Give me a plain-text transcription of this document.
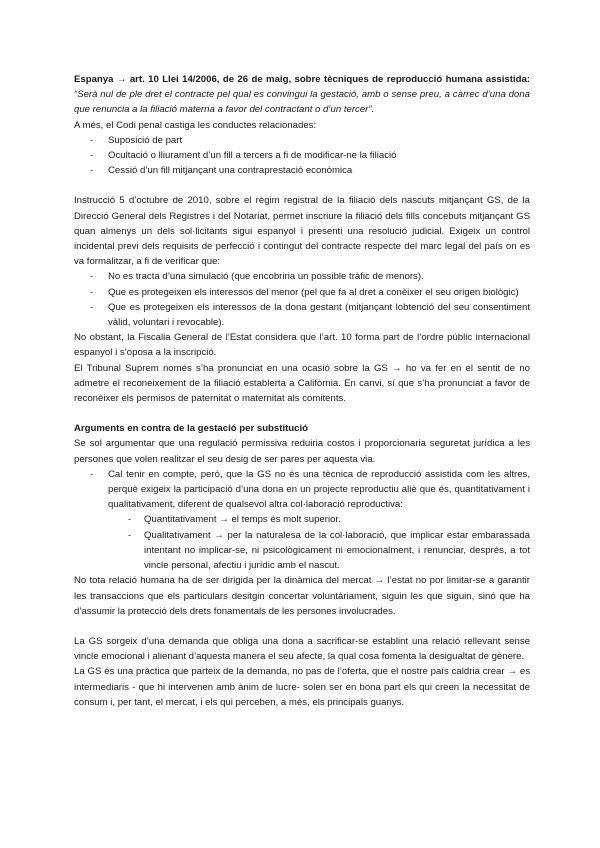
Espanya → art. 10 Llei 14/2006, de 26 de maig, sobre tècniques de reproducció humana assistida: “Serà nul de ple dret el contracte pel qual es convingui la gestació, amb o sense preu, a càrrec d’una dona que renuncia a la filiació materna a favor del contractant o d’un tercer”.

A més, el Codi penal castiga les conductes relacionades:

- Suposició de part
- Ocultació o lliurament d’un fill a tercers a fi de modificar-ne la filiació
- Cessió d’un fill mitjançant una contraprestació econòmica

Instrucció 5 d’octubre de 2010, sobre el règim registral de la filiació dels nascuts mitjançant GS, de la Direcció General dels Registres i del Notariat, permet inscriure la filiació dels fills concebuts mitjançant GS quan almenys un dels sol·licitants sigui espanyol i presenti una resolució judicial. Exigeix un control incidental previ dels requisits de perfecció i contingut del contracte respecte del marc legal del país on es va formalitzar, a fi de verificar que:

- No es tracta d’una simulació (que encobriria un possible tràfic de menors).
- Que es protegeixen els interessos del menor (pel que fa al dret a conèixer el seu origen biològic)
- Que es protegeixen els interessos de la dona gestant (mitjançant lobtenció del seu consentiment vàlid, voluntari i revocable).

No obstant, la Fiscalia General de l’Estat considera que l’art. 10 forma part de l’ordre públic internacional espanyol i s’oposa a la inscripció.

El Tribunal Suprem només s’ha pronunciat en una ocasió sobre la GS → ho va fer en el sentit de no admetre el reconeixement de la filiació establerta a Califòrnia. En canvi, sí que s’ha pronunciat a favor de reconèixer els permisos de paternitat o maternitat als comitents.

Arguments en contra de la gestació per substitució

Se sol argumentar que una regulació permissiva reduiria costos i proporcionaria seguretat jurídica a les persones que volen realitzar el seu desig de ser pares per aquesta via.

- Cal tenir en compte, però, que la GS no és una tècnica de reproducció assistida com les altres, perquè exigeix la participació d’una dona en un projecte reproductiu aliè que és, quantitativament i qualitativament, diferent de qualsevol altra col·laboració reproductiva:
- Quantitativament → el temps és molt superior.
- Qualitativament → per la naturalesa de la col·laboració, que implicar estar embarassada intentant no implicar-se, ni psicològicament ni emocionalment, i renunciar, després, a tot vincle personal, afectiu i jurídic amb el nascut.

No tota relació humana ha de ser dirigida per la dinàmica del mercat → l’estat no por limitar-se a garantir les transaccions que els particulars desitgin concertar voluntàriament, siguin les que siguin, sinó que ha d’assumir la protecció dels drets fonamentals de les persones involucrades.

La GS sorgeix d’una demanda que obliga una dona a sacrificar-se establint una relació rellevant sense vincle emocional i alienant d’aquesta manera el seu afecte, la qual cosa fomenta la desigualtat de gènere.

La GS és una pràctica que parteix de la demanda, no pas de l’oferta, que el nostre país caldria crear → es intermediaris - que hi intervenen amb ànim de lucre- solen ser en bona part els qui creen la necessitat de consum i, per tant, el mercat, i els qui perceben, a més, els principals guanys.
